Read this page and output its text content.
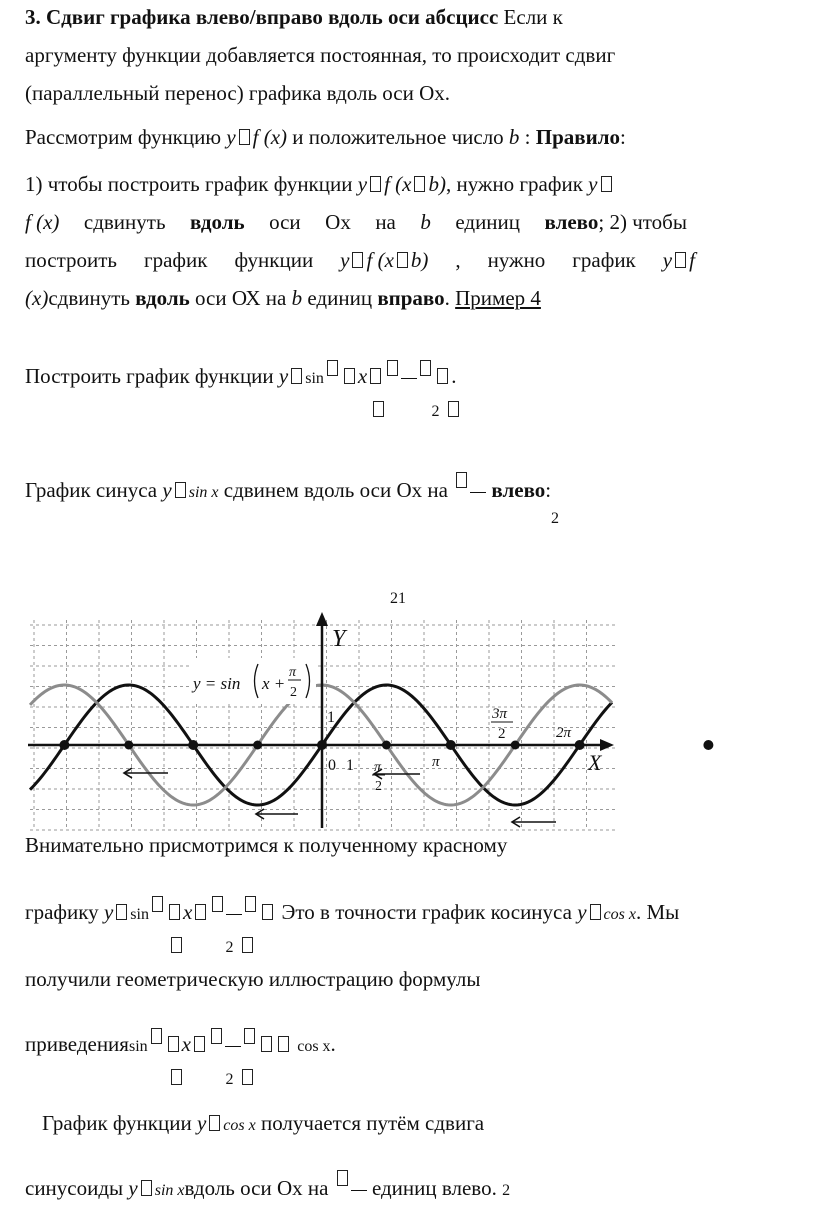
3. Сдвиг графика влево/вправо вдоль оси абсцисс Если к
аргументу функции добавляется постоянная, то происходит сдвиг
(параллельный перенос) графика вдоль оси Ох.
Рассмотрим функцию y f (x) и положительное число b : Правило:
1) чтобы построить график функции y f (x b), нужно график y
f (x) сдвинуть вдоль оси Ох на b единиц влево; 2) чтобы
построить график функции y f (x b) , нужно график y f
(x)сдвинуть вдоль оси ОХ на b единиц вправо. Пример 4
Построить график функции y sin x	.
2
График синуса y sin x сдвинем вдоль оси Ох на влево:
2
21
Y
X
y = sin x +
π
2
1
0 1 π
2
π
3π
2	2π
Внимательно присмотримся к полученному красному
графику y sin x	Это в точности график косинуса y cos x. Мы
2
получили геометрическую иллюстрацию формулы
приведенияsin x	cos x.
2
График функции y cos x получается путём сдвига
синусоиды y sin xвдоль оси Ох на единиц влево. 2
